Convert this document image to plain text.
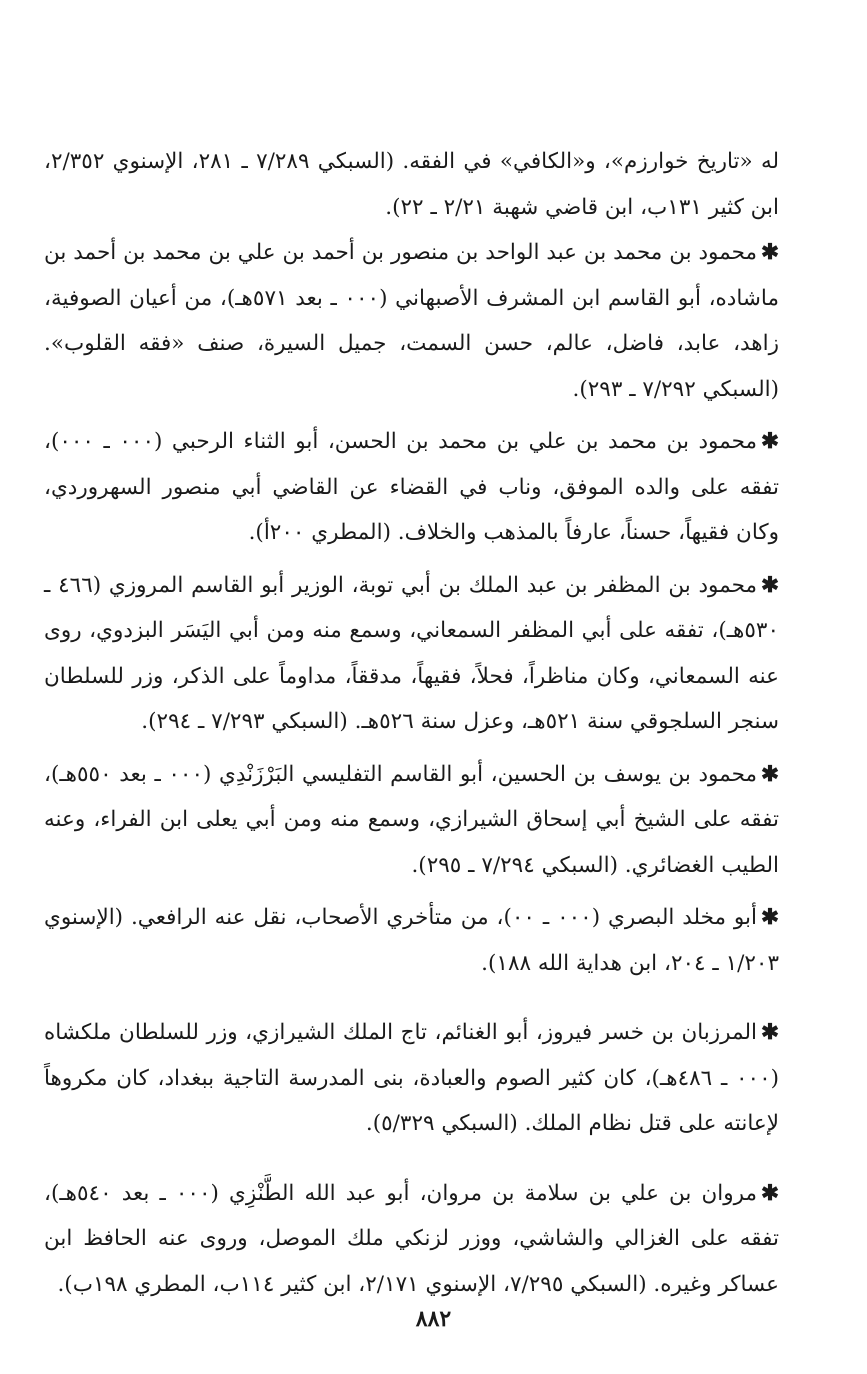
له «تاريخ خوارزم»، و«الكافي» في الفقه. (السبكي ٧/٢٨٩ ـ ٢٨١، الإسنوي ٢/٣٥٢، ابن كثير ١٣١ب، ابن قاضي شهبة ٢/٢١ ـ ٢٢).

✱محمود بن محمد بن عبد الواحد بن منصور بن أحمد بن علي بن محمد بن أحمد بن ماشاده، أبو القاسم ابن المشرف الأصبهاني (٠٠٠ ـ بعد ٥٧١هـ)، من أعيان الصوفية، زاهد، عابد، فاضل، عالم، حسن السمت، جميل السيرة، صنف «فقه القلوب». (السبكي ٧/٢٩٢ ـ ٢٩٣).

✱محمود بن محمد بن علي بن محمد بن الحسن، أبو الثناء الرحبي (٠٠٠ ـ ٠٠٠)، تفقه على والده الموفق، وناب في القضاء عن القاضي أبي منصور السهروردي، وكان فقيهاً، حسناً، عارفاً بالمذهب والخلاف. (المطري ٢٠٠أ).

✱محمود بن المظفر بن عبد الملك بن أبي توبة، الوزير أبو القاسم المروزي (٤٦٦ ـ ٥٣٠هـ)، تفقه على أبي المظفر السمعاني، وسمع منه ومن أبي اليَسَر البزدوي، روى عنه السمعاني، وكان مناظراً، فحلاً، فقيهاً، مدققاً، مداوماً على الذكر، وزر للسلطان سنجر السلجوقي سنة ٥٢١هـ، وعزل سنة ٥٢٦هـ. (السبكي ٧/٢٩٣ ـ ٢٩٤).

✱محمود بن يوسف بن الحسين، أبو القاسم التفليسي البَرْزَنْدِي (٠٠٠ ـ بعد ٥٥٠هـ)، تفقه على الشيخ أبي إسحاق الشيرازي، وسمع منه ومن أبي يعلى ابن الفراء، وعنه الطيب الغضائري. (السبكي ٧/٢٩٤ ـ ٢٩٥).

✱أبو مخلد البصري (٠٠٠ ـ ٠٠)، من متأخري الأصحاب، نقل عنه الرافعي. (الإسنوي ١/٢٠٣ ـ ٢٠٤، ابن هداية الله ١٨٨).

✱المرزبان بن خسر فيروز، أبو الغنائم، تاج الملك الشيرازي، وزر للسلطان ملكشاه (٠٠٠ ـ ٤٨٦هـ)، كان كثير الصوم والعبادة، بنى المدرسة التاجية ببغداد، كان مكروهاً لإعانته على قتل نظام الملك. (السبكي ٥/٣٢٩).

✱مروان بن علي بن سلامة بن مروان، أبو عبد الله الطَّنْزِي (٠٠٠ ـ بعد ٥٤٠هـ)، تفقه على الغزالي والشاشي، ووزر لزنكي ملك الموصل، وروى عنه الحافظ ابن عساكر وغيره. (السبكي ٧/٢٩٥، الإسنوي ٢/١٧١، ابن كثير ١١٤ب، المطري ١٩٨ب).

٨٨٢
